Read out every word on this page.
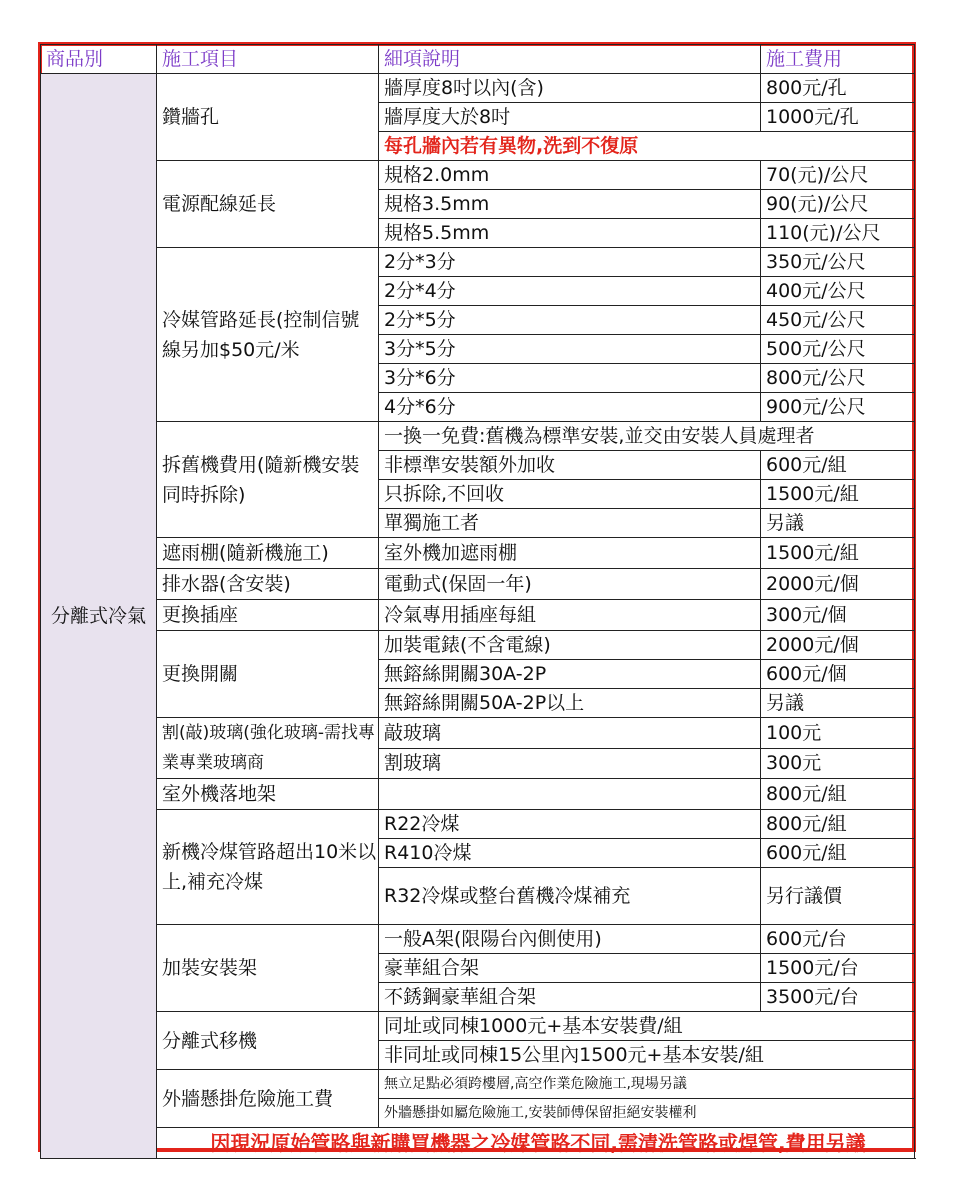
商品別	施工項目	細項說明	施工費用
分離式冷氣	鑽牆孔	牆厚度8吋以內(含)	800元/孔
		牆厚度大於8吋	1000元/孔
		每孔牆內若有異物,洗到不復原	
	電源配線延長	規格2.0mm	70(元)/公尺
		規格3.5mm	90(元)/公尺
		規格5.5mm	110(元)/公尺
	冷媒管路延長(控制信號線另加$50元/米	2分*3分	350元/公尺
		2分*4分	400元/公尺
		2分*5分	450元/公尺
		3分*5分	500元/公尺
		3分*6分	800元/公尺
		4分*6分	900元/公尺
	拆舊機費用(隨新機安裝同時拆除)	一換一免費:舊機為標準安裝,並交由安裝人員處理者	
		非標準安裝額外加收	600元/組
		只拆除,不回收	1500元/組
		單獨施工者	另議
	遮雨棚(隨新機施工)	室外機加遮雨棚	1500元/組
	排水器(含安裝)	電動式(保固一年)	2000元/個
	更換插座	冷氣專用插座每組	300元/個
	更換開關	加裝電錶(不含電線)	2000元/個
		無鎔絲開關30A-2P	600元/個
		無鎔絲開關50A-2P以上	另議
	割(敲)玻璃(強化玻璃-需找專業專業玻璃商	敲玻璃	100元
		割玻璃	300元
	室外機落地架		800元/組
	新機冷煤管路超出10米以上,補充冷煤	R22冷煤	800元/組
		R410冷煤	600元/組
		R32冷煤或整台舊機冷煤補充	另行議價
	加裝安裝架	一般A架(限陽台內側使用)	600元/台
		豪華組合架	1500元/台
		不銹鋼豪華組合架	3500元/台
	分離式移機	同址或同棟1000元+基本安裝費/組	
		非同址或同棟15公里內1500元+基本安裝/組	
	外牆懸掛危險施工費	無立足點必須跨樓層,高空作業危險施工,現場另議	
		外牆懸掛如屬危險施工,安裝師傅保留拒絕安裝權利	
	因現況原始管路與新購買機器之冷媒管路不同,需清洗管路或焊管,費用另議		
